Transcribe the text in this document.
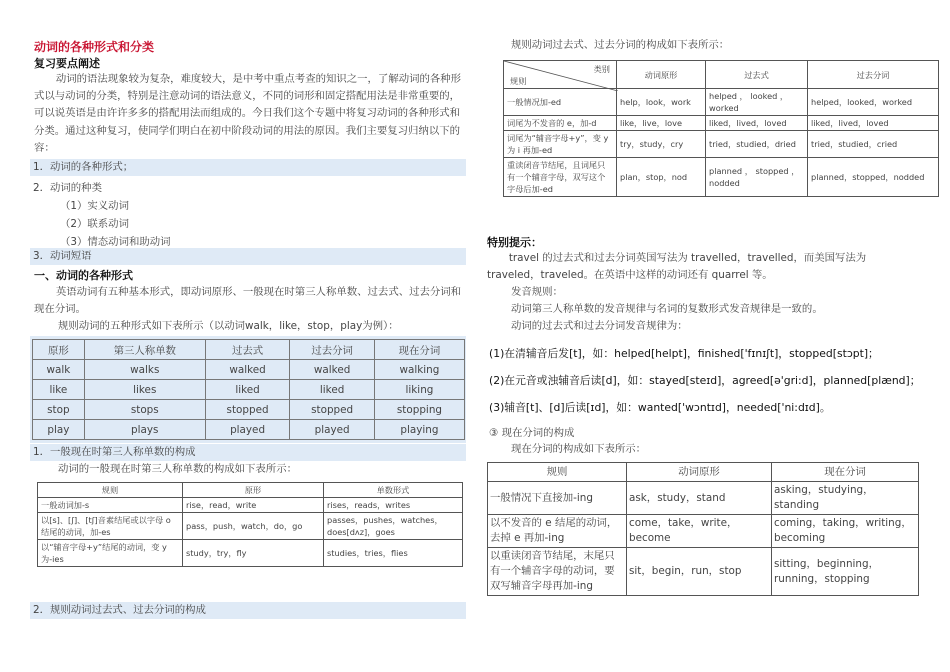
动词的各种形式和分类
复习要点阐述
动词的语法现象较为复杂，难度较大，是中考中重点考查的知识之一，了解动词的各种形式以与动词的分类，特别是注意动词的语法意义，不同的词形和固定搭配用法是非常重要的，可以说英语是由许许多多的搭配用法而组成的。今日我们这个专题中将复习动词的各种形式和分类。通过这种复习，使同学们明白在初中阶段动词的用法的原因。我们主要复习归纳以下的容：
1．动词的各种形式；
2．动词的种类
（1）实义动词
（2）联系动词
（3）情态动词和助动词
3．动词短语
一、动词的各种形式
英语动词有五种基本形式，即动词原形、一般现在时第三人称单数、过去式、过去分词和现在分词。
规则动词的五种形式如下表所示（以动词walk，like，stop，play为例）：
原形	第三人称单数	过去式	过去分词	现在分词
walk	walks	walked	walked	walking
like	likes	liked	liked	liking
stop	stops	stopped	stopped	stopping
play	plays	played	played	playing
1．一般现在时第三人称单数的构成
动词的一般现在时第三人称单数的构成如下表所示：
规则	原形	单数形式
一般动词加-s	rise，read，write	rises，reads，writes
以[s]、[ʃ]、[tʃ]音素结尾或以字母 o 结尾的动词，加-es	pass，push，watch，do，go	passes，pushes，watches，does[dʌz]，goes
以“辅音字母+y”结尾的动词，变 y 为-ies	study，try，fly	studies，tries，flies
2．规则动词过去式、过去分词的构成
规则动词过去式、过去分词的构成如下表所示：
类别
规则	动词原形	过去式	过去分词
一般情况加-ed	help，look，work	helped ， looked ， worked	helped，looked，worked
词尾为不发音的 e，加-d	like，live，love	liked，lived，loved	liked，lived，loved
词尾为“辅音字母+y”，变 y 为 i 再加-ed	try，study，cry	tried，studied，dried	tried，studied，cried
重读闭音节结尾，且词尾只有一个辅音字母，双写这个字母后加-ed	plan，stop，nod	planned ， stopped ， nodded	planned，stopped，nodded
特别提示：
travel 的过去式和过去分词英国写法为 travelled，travelled，而美国写法为 traveled，traveled。在英语中这样的动词还有 quarrel 等。
发音规则：
动词第三人称单数的发音规律与名词的复数形式发音规律是一致的。
动词的过去式和过去分词发音规律为：
(1)在清辅音后发[t]，如：helped[helpt]，finished['fɪnɪʃt]，stopped[stɔpt]；
(2)在元音或浊辅音后读[d]，如：stayed[steɪd]，agreed[ə'gri:d]，planned[plænd]；
(3)辅音[t]、[d]后读[ɪd]，如：wanted['wɔntɪd]，needed['ni:dɪd]。
③ 现在分词的构成
现在分词的构成如下表所示：
规则	动词原形	现在分词
一般情况下直接加-ing	ask，study，stand	asking，studying，standing
以不发音的 e 结尾的动词，去掉 e 再加-ing	come，take，write，become	coming，taking，writing，becoming
以重读闭音节结尾，末尾只有一个辅音字母的动词，要双写辅音字母再加-ing	sit，begin，run，stop	sitting，beginning，running，stopping
